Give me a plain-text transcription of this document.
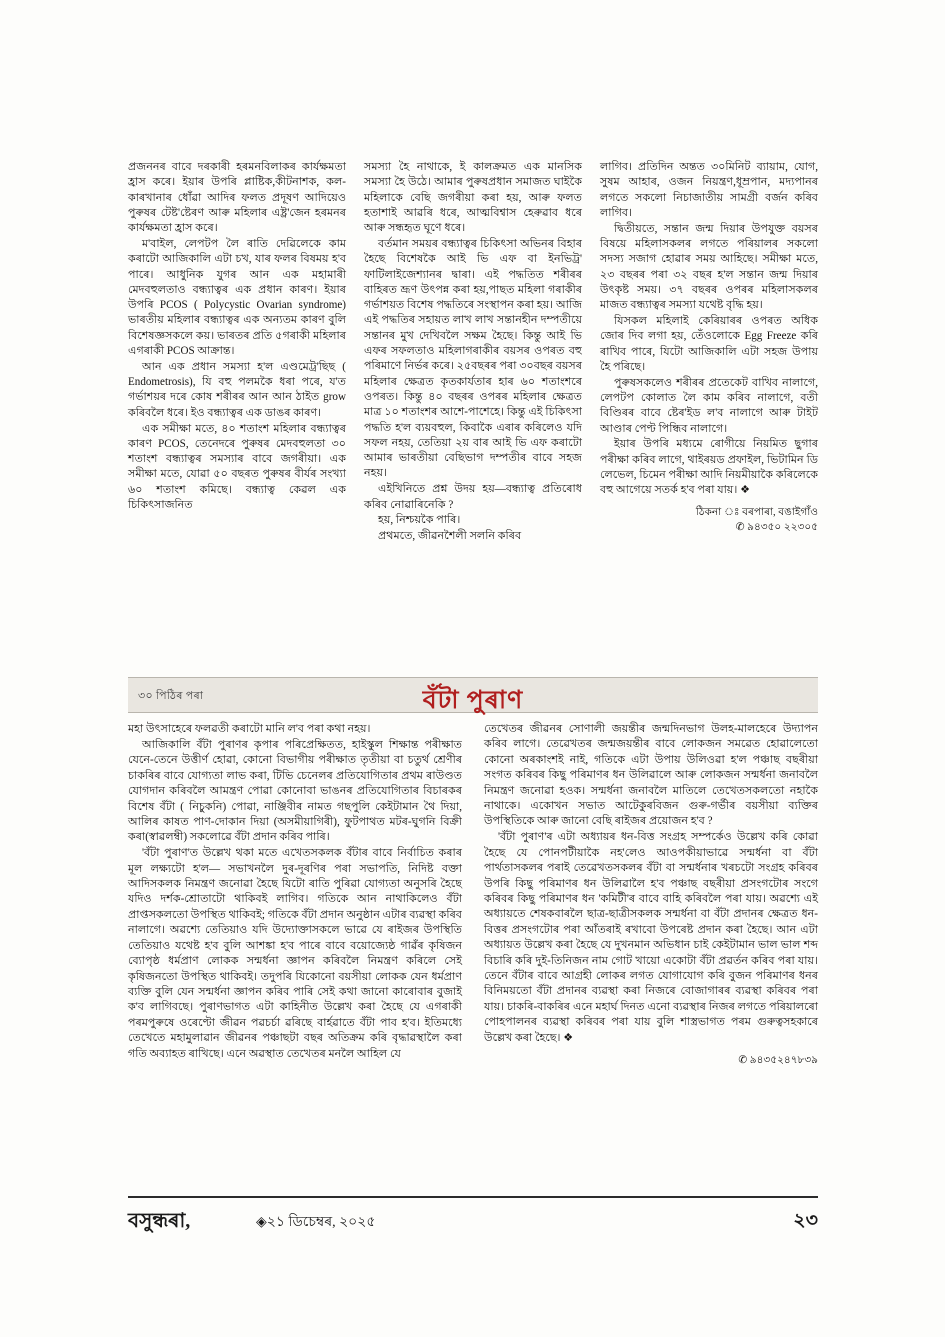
প্ৰজননৰ বাবে দৰকাৰী হৰমনবিলাকৰ কাৰ্যক্ষমতা হ্ৰাস কৰে। ইয়াৰ উপৰি প্লাষ্টিক,কীটনাশক, কল-কাৰখানাৰ ধোঁৱা আদিৰ ফলত প্ৰদূষণ আদিয়েও পুৰুষৰ টেষ্ট'ষ্টেৰণ আৰু মহিলাৰ এষ্ট্ৰ'জেন হৰমনৰ কাৰ্যক্ষমতা হ্ৰাস কৰে।

ম'বাইল, লেপটপ লৈ ৰাতি দেৱিলেকে কাম কৰাটো আজিকালি এটা চখ, যাৰ ফলৰ বিষময় হ'ব পাৰে। আধুনিক যুগৰ আন এক মহামাৰী মেদবহুলতাও বন্ধ্যাত্বৰ এক প্ৰধান কাৰণ। ইয়াৰ উপৰি PCOS ( Polycystic Ovarian syndrome) ভাৰতীয় মহিলাৰ বন্ধ্যাত্বৰ এক অন্যতম কাৰণ বুলি বিশেষজ্ঞসকলে কয়। ভাৰতৰ প্ৰতি ৫গৰাকী মহিলাৰ এগৰাকী PCOS আক্ৰান্ত।

আন এক প্ৰধান সমস্যা হ'ল এণ্ডমেট্ৰ'ছিছ ( Endometrosis), যি বহু পলমকৈ ধৰা পৰে, য'ত গৰ্ভাশয়ৰ দৰে কোষ শৰীৰৰ আন আন ঠাইত grow কৰিবলৈ ধৰে। ইও বন্ধ্যাত্বৰ এক ডাঙৰ কাৰণ।

এক সমীক্ষা মতে, ৪০ শতাংশ মহিলাৰ বন্ধ্যাত্বৰ কাৰণ PCOS, তেনেদৰে পুৰুষৰ মেদবহুলতা ৩০ শতাংশ বন্ধ্যাত্বৰ সমস্যাৰ বাবে জগৰীয়া। এক সমীক্ষা মতে, যোৱা ৫০ বছৰত পুৰুষৰ বীৰ্যৰ সংখ্যা ৬০ শতাংশ কমিছে। বন্ধ্যাত্ব কেৱল এক চিকিৎসাজনিত

সমস্যা হৈ নাথাকে, ই কালক্ৰমত এক মানসিক সমস্যা হৈ উঠে। আমাৰ পুৰুষপ্ৰধান সমাজত ঘাইকৈ মহিলাকে বেছি জগৰীয়া কৰা হয়, আৰু ফলত হতাশাই আৱৰি ধৰে, আত্মবিশ্বাস হেৰুৱাব ধৰে আৰু সন্ধহৃত ঘূণে ধৰে।

বৰ্তমান সময়ৰ বন্ধ্যাত্বৰ চিকিৎসা অভিনৰ বিহাৰ হৈছে বিশেষকৈ আই ভি এফ বা ইনভিট্ৰ' ফাটিলাইজেশ্যানৰ দ্বাৰা। এই পদ্ধতিত শৰীৰৰ বাহিৰত ভ্ৰূণ উৎপন্ন কৰা হয়,পাছত মহিলা গৰাকীৰ গৰ্ভাশয়ত বিশেষ পদ্ধতিৰে সংস্থাপন কৰা হয়। আজি এই পদ্ধতিৰ সহায়ত লাখ লাখ সন্তানহীন দম্পতীয়ে সন্তানৰ মুখ দেখিবলৈ সক্ষম হৈছে। কিন্তু আই ভি এফৰ সফলতাও মহিলাগৰাকীৰ বয়সৰ ওপৰত বহু পৰিমাণে নিৰ্ভৰ কৰে। ২৫বছৰৰ পৰা ৩০বছৰ বয়সৰ মহিলাৰ ক্ষেত্ৰত কৃতকাৰ্যতাৰ হাৰ ৬০ শতাংশৰে ওপৰত। কিন্তু ৪০ বছৰৰ ওপৰৰ মহিলাৰ ক্ষেত্ৰত মাত্ৰ ১০ শতাংশৰ আশে-পাশেহে। কিন্তু এই চিকিৎসা পদ্ধতি হ'ল ব্যয়বহুল, কিবাকৈ এৰাৰ কৰিলেও যদি সফল নহয়, তেতিয়া ২য় বাৰ আই ভি এফ কৰাটো আমাৰ ভাৰতীয়া বেছিভাগ দম্পতীৰ বাবে সহজ নহয়।

এইখিনিতে প্ৰশ্ন উদয় হয়—বন্ধ্যাত্ব প্ৰতিৰোধ কৰিব নোৱাৰিনেকি ?

হয়, নিশ্চয়কৈ পাৰি।

প্ৰথমতে, জীৱনশৈলী সলনি কৰিব

লাগিব। প্ৰতিদিন অন্তত ৩০মিনিট ব্যায়াম, যোগ, সুষম আহাৰ, ওজন নিয়ন্ত্ৰণ,ধূম্ৰপান, মদ্যপানৰ লগতে সকলো নিচাজাতীয় সামগ্ৰী বৰ্জন কৰিব লাগিব।

দ্বিতীয়তে, সন্তান জন্ম দিয়াৰ উপযুক্ত বয়সৰ বিষয়ে মহিলাসকলৰ লগতে পৰিয়ালৰ সকলো সদস্য সজাগ হোৱাৰ সময় আহিছে। সমীক্ষা মতে, ২৩ বছৰৰ পৰা ৩২ বছৰ হ'ল সন্তান জন্ম দিয়াৰ উৎকৃষ্ট সময়। ৩৭ বছৰৰ ওপৰৰ মহিলাসকলৰ মাজত বন্ধ্যাত্বৰ সমস্যা যথেষ্ট বৃদ্ধি হয়।

যিসকল মহিলাই কেৰিয়াৰৰ ওপৰত অধিক জোৰ দিব লগা হয়, তেঁওলোকে Egg Freeze কৰি ৰাখিব পাৰে, যিটো আজিকালি এটা সহজ উপায় হৈ পৰিছে।

পুৰুষসকলেও শৰীৰৰ প্ৰতেকেট বাখিব নালাগে, লেপটপ কোলাত লৈ কাম কৰিব নালাগে, বতী বিণ্ডিৰৰ বাবে ষ্টেৰ'ইড ল'ব নালাগে আৰু টাইট আণ্ডাৰ পেণ্ট পিন্ধিব নালাগে।

ইয়াৰ উপৰি মধ্যমে ৰোগীয়ে নিয়মিত ছুগাৰ পৰীক্ষা কৰিব লাগে, থাইৰয়ড প্ৰফাইল, ভিটামিন ডি লেভেল, চিমেন পৰীক্ষা আদি নিয়মীয়াকৈ কৰিলেকে বহু আগেয়ে সতৰ্ক হ'ব পৰা যায়। ❖

ঠিকনা ঃ বৰপাৰা, বঙাইগাঁও
✆ ৯৪৩৫০ ২২৩০৫
৩০ পিঠিৰ পৰা	বঁটা পুৰাণ

মহা উৎসাহেৰে ফলৱতী কৰাটো মানি ল'ব পৰা কথা নহয়।

আজিকালি বঁটা পুৰাণৰ কৃপাৰ পৰিপ্ৰেক্ষিতত, হাইস্কুল শিক্ষান্ত পৰীক্ষাত যেনে-তেনে উত্তীৰ্ণ হোৱা, কোনো বিভাগীয় পৰীক্ষাত তৃতীয়া বা চতুৰ্থ শ্ৰেণীৰ চাকৰিৰ বাবে যোগ্যতা লাভ কৰা, টিভি চেনেলৰ প্ৰতিযোগিতাৰ প্ৰথম ৰাউণ্ডত যোগদান কৰিবলৈ আমন্ত্ৰণ পোৱা কোনোবা ভাঙনৰ প্ৰতিযোগিতাৰ বিচাৰকৰ বিশেষ বঁটা ( নিচুকনি) পোৱা, নাঞ্জিবীৰ নামত গছপুলি কেইটামান থৈ দিয়া, আলিৰ কাষত পাণ-দোকান দিয়া (অসমীয়াগিৰী), ফুটপাথত মটৰ-ঘুগনি বিক্ৰী কৰা(স্বাৱলম্বী) সকলোৱে বঁটা প্ৰদান কৰিব পাৰি।

'বঁটা পুৰাণ'ত উল্লেখ থকা মতে এখেতসকলক বঁটাৰ বাবে নিৰ্বাচিত কৰাৰ মূল লক্ষ্যটো হ'ল— সভাখনলৈ দুৰ-দূৰণিৰ পৰা সভাপতি, নিদিষ্ট বক্তা আদিসকলক নিমন্ত্ৰণ জনোৱা হৈছে যিটো ৰাতি পুৰিৱা যোগ্যতা অনুসৰি হৈছে যদিও দৰ্শক-শ্ৰোতাটো থাকিবই লাগিব। গতিকে আন নাথাকিলেও বঁটা প্ৰাপ্তসকলতো উপস্থিত থাকিবই; গতিকে বঁটা প্ৰদান অনুষ্ঠান এটাৰ ব্যৱস্থা কৰিব নালাগে। অৱশ্যে তেতিয়াও যদি উদ্যোক্তাসকলে ভাৱে যে ৰাইজৰ উপস্থিতি তেতিয়াও যথেষ্ট হ'ব বুলি আশঙ্কা হ'ব পাৰে বাবে বয়োজ্যেষ্ঠ গাৱঁৰ কৃষিজন ব্যোপৃষ্ঠ ধৰ্মপ্ৰাণ লোকক সন্মৰ্ধনা জ্ঞাপন কৰিবলৈ নিমন্ত্ৰণ কৰিলে সেই কৃষিজনতো উপস্থিত থাকিবই। তদুপৰি যিকোনো বয়সীয়া লোকক যেন ধৰ্মপ্ৰাণ ব্যক্তি বুলি যেন সন্মৰ্ধনা জ্ঞাপন কৰিব পাৰি সেই কথা জানো কাৰোবাৰ বুজাই ক'ব লাগিবছে। পুৰাণভাগত এটা কাহিনীত উল্লেখ কৰা হৈছে যে এগৰাকী পৰমপুৰুষে ওৰেণ্টো জীৱন পৱচৰ্চা ৱৰিছে বাৰ্হৱাতে বঁটা পাব হ'ব। ইতিমধ্যে তেখেতে মহামুলাৱান জীৱনৰ পঞ্চাছটা বছৰ অতিক্ৰম কৰি বৃদ্ধাৱস্থালৈ কৰা গতি অব্যাহত ৰাখিছে। এনে অৱস্থাত তেখেতৰ মনলৈ আহিল যে

তেখেতৰ জীৱনৰ সোণালী জয়ন্তীৰ জন্মদিনভাগ উলহ-মালহেৰে উদ্যাপন কৰিব লাগে। তেৱেখতৰ জন্মজয়ন্তীৰ বাবে লোকজন সমৱেত হোৱালেতো কোনো অৰকাংশই নাই, গতিকে এটা উপায় উলিওৱা হ'ল পঞ্চাছ বছৰীয়া সংগত কৰিবৰ কিছু পৰিমাণৰ ধন উলিৱালে আৰু লোকজন সন্মৰ্ধনা জনাবলৈ নিমন্ত্ৰণ জনোৱা হওক। সন্মৰ্ধনা জনাবলৈ মাতিলে তেখেতসকলতো নহাকৈ নাথাকে। একোখন সভাত আটেকুৰবিজন গুৰু-গৰ্ভীৰ বয়সীয়া ব্যক্তিৰ উপস্থিতিকে আৰু জানো বেছি ৰাইজৰ প্ৰয়োজন হ'ব ?

'বঁটা পুৰাণ'ৰ এটা অধ্যায়ৰ ধন-বিত্ত সংগ্ৰহ সম্পৰ্কেও উল্লেখ কৰি কোৱা হৈছে যে পোনপটীয়াকৈ নহ'লেও আওপকীয়াভাৱে সন্মৰ্ধনা বা বঁটা পাৰ্থতাসকলৰ পৰাই তেৱেখতসকলৰ বঁটা বা সন্মৰ্ধনাৰ খৰচটো সংগ্ৰহ কৰিবৰ উপৰি কিছু পৰিমাণৰ ধন উলিৱালৈ হ'ব পঞ্চাছ বছৰীয়া প্ৰসংগটোৰ সংগে কৰিবৰ কিছু পৰিমাণৰ ধন 'কমিটী'ৰ বাবে বাহি কৰিবলৈ পৰা যায়। অৱশ্যে এই অধ্যায়তে শেষকবাৰলৈ ছাত্ৰ-ছাত্ৰীসকলক সন্মৰ্ধনা বা বঁটা প্ৰদানৰ ক্ষেত্ৰত ধন-বিত্তৰ প্ৰসংগটোৰ পৰা আঁতৰাই ৰখাবো উপৰেষ্ট প্ৰদান কৰা হৈছে। আন এটা অধ্যায়ত উল্লেখ কৰা হৈছে যে দুখনমান অভিধান চাই কেইটামান ভাল ভাল শব্দ বিচাৰি কৰি দুই-তিনিজন নাম গোট খায়ো একোটা বঁটা প্ৰৱৰ্তন কৰিব পৰা যায়। তেনে বঁটাৰ বাবে আগ্ৰহী লোকৰ লগত যোগাযোগ কৰি বুজন পৰিমাণৰ ধনৰ বিনিময়তো বঁটা প্ৰদানৰ ব্যৱস্থা কৰা নিজৰে বোজাগাৰৰ ব্যৱস্থা কৰিবৰ পৰা যায়। চাকৰি-বাকৰিৰ এনে মহাৰ্ঘ দিনত এনো ব্যৱস্থাৰ নিজৰ লগতে পৰিয়ালৰো পোহপালনৰ ব্যৱস্থা কৰিবৰ পৰা যায় বুলি শাস্ত্ৰভাগত পৰম গুৰুত্বসহকাৰে উল্লেখ কৰা হৈছে। ❖

✆ ৯৪৩৫২৪৭৮৩৯
বসুন্ধৰা,	◈২১ ডিচেম্বৰ, ২০২৫	২৩
